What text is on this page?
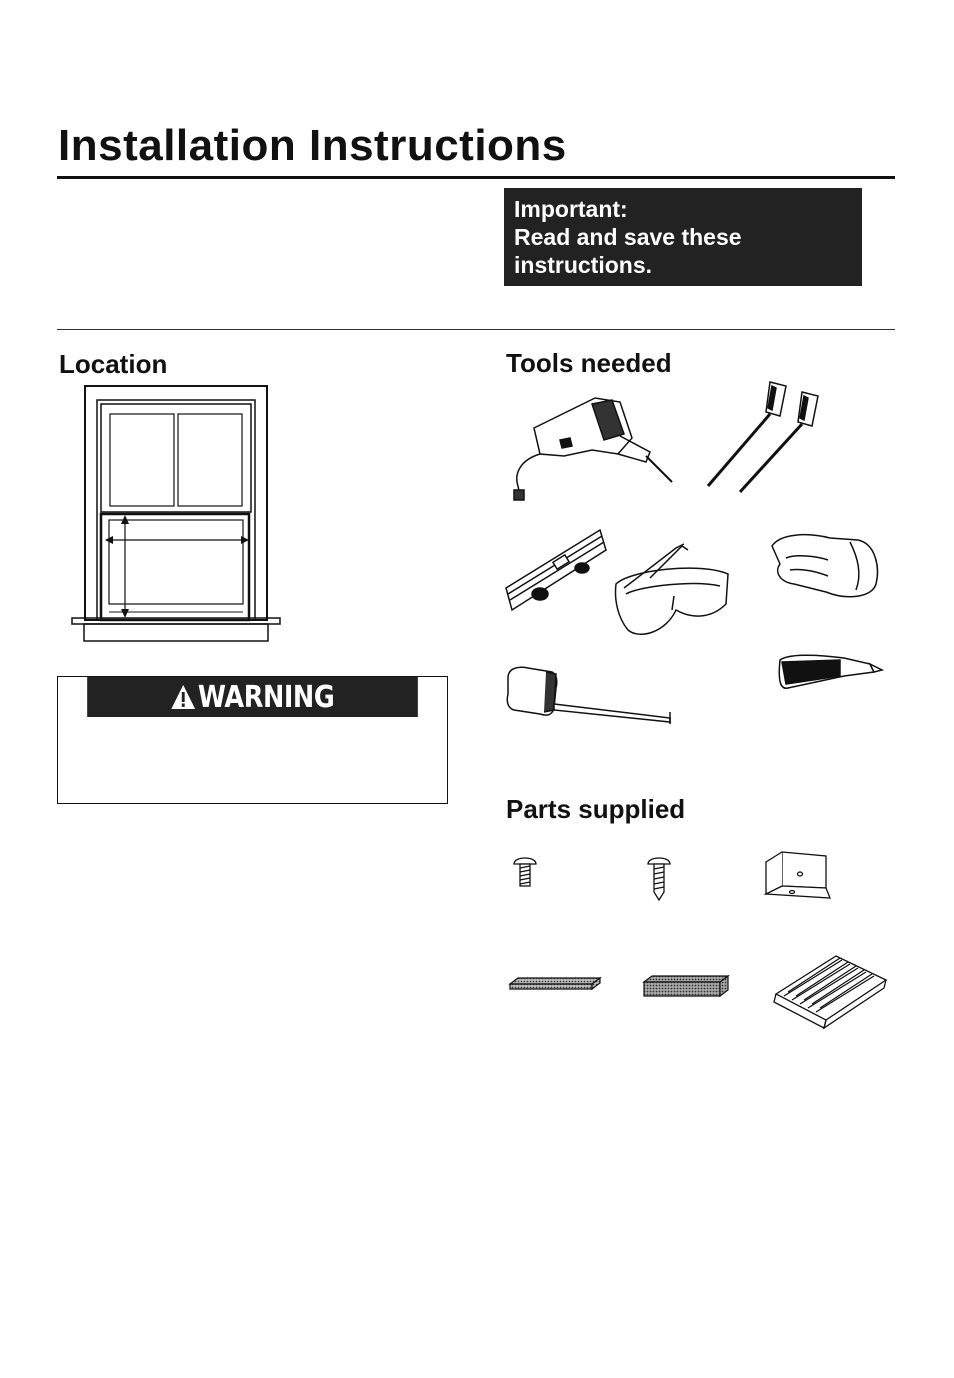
Installation Instructions
Important:
Read and save these
instructions.
Location
WARNING
Tools needed
Parts supplied
